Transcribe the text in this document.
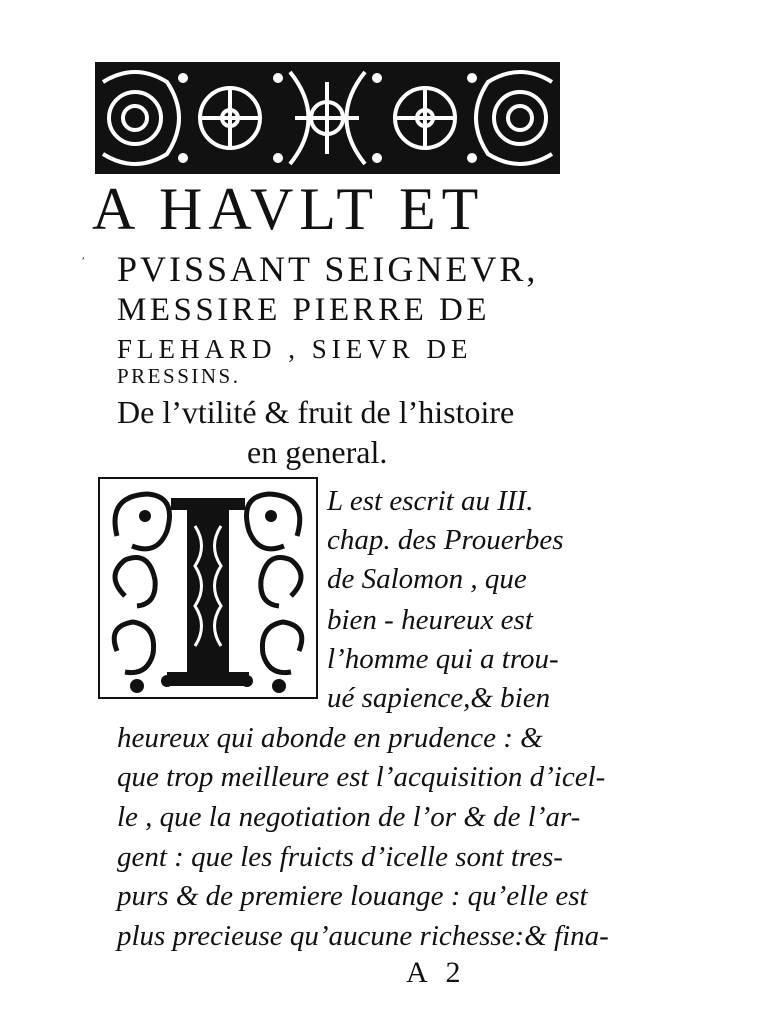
ʹ
A HAVLT ET
PVISSANT SEIGNEVR,
MESSIRE PIERRE DE
FLEHARD , SIEVR DE
PRESSINS.
De l’vtilité & fruit de l’histoire
en general.
L est escrit au III.
chap. des Prouerbes
de Salomon , que
bien - heureux est
l’homme qui a trou-
ué sapience,& bien
heureux qui abonde en prudence : &
que trop meilleure est l’acquisition d’icel-
le , que la negotiation de l’or & de l’ar-
gent : que les fruicts d’icelle sont tres-
purs & de premiere louange : qu’elle est
plus precieuse qu’aucune richesse:& fina-
A 2
